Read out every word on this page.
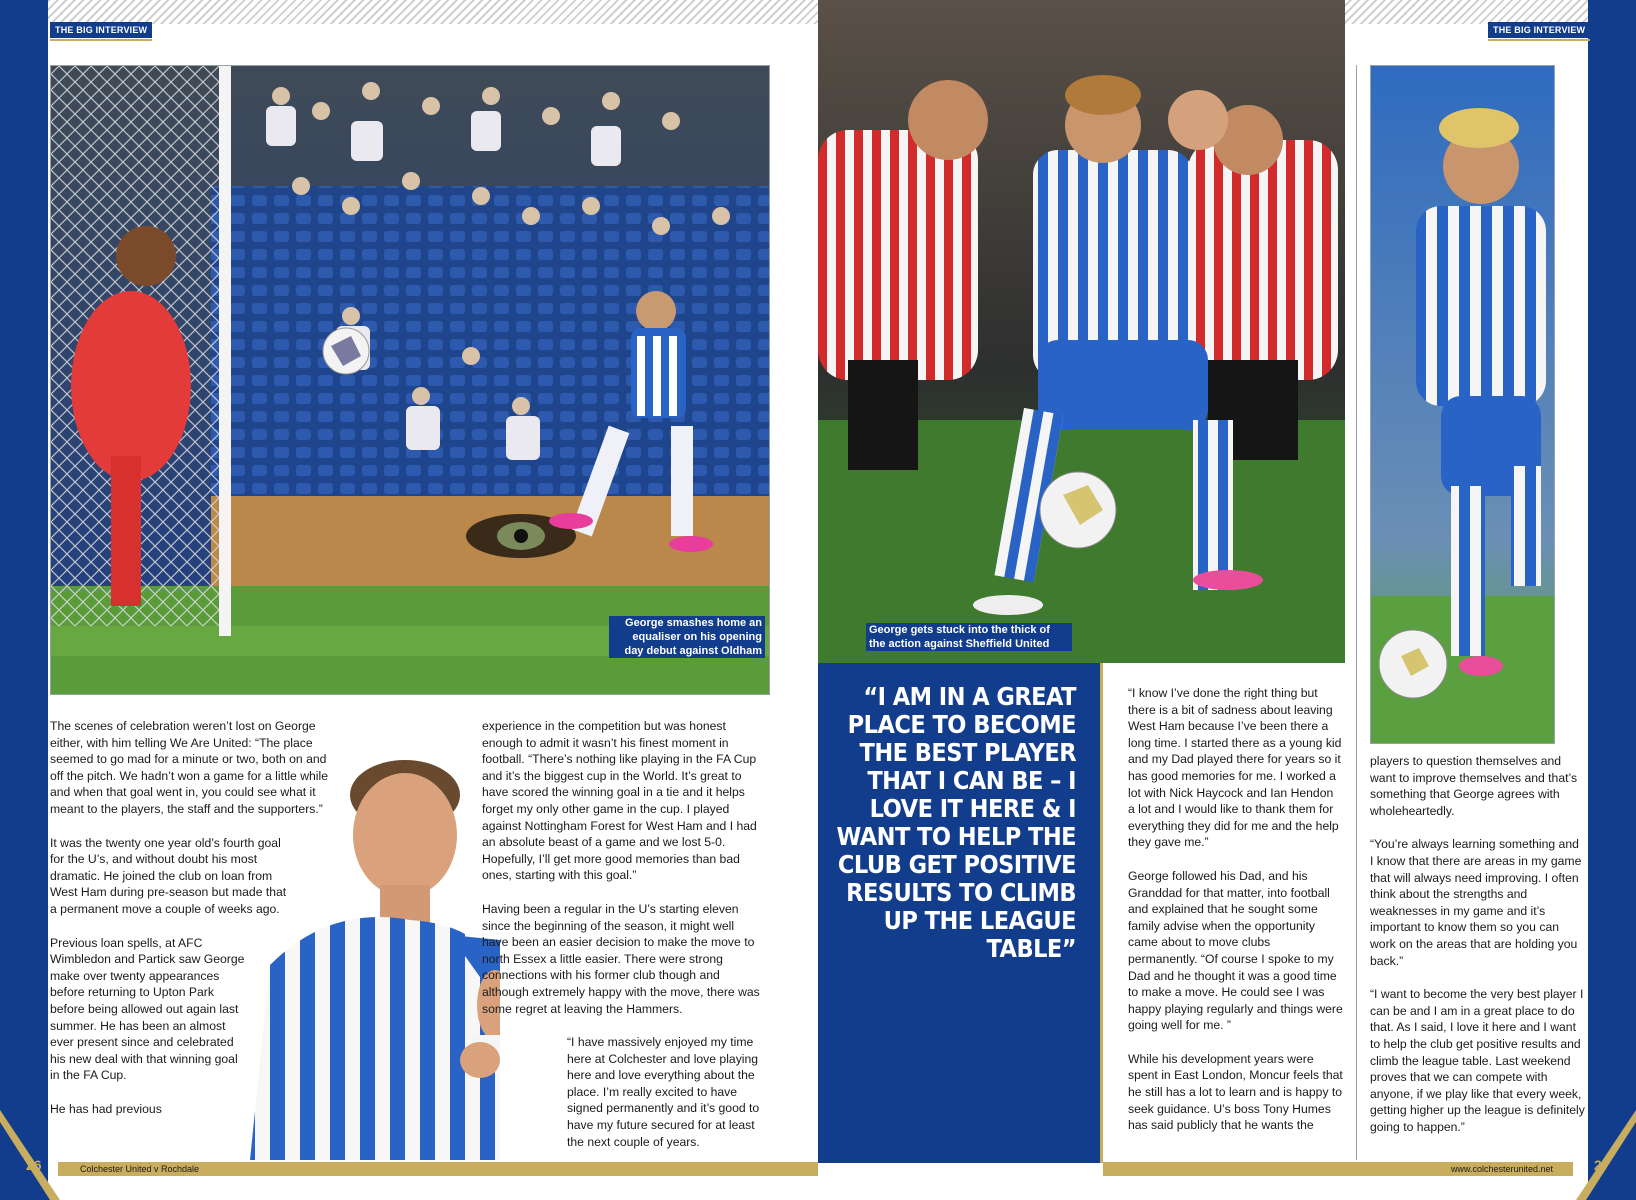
THE BIG INTERVIEW	THE BIG INTERVIEW
George smashes home an equaliser on his opening day debut against Oldham
George gets stuck into the thick of the action against Sheffield United

The scenes of celebration weren’t lost on George either, with him telling We Are United: “The place seemed to go mad for a minute or two, both on and off the pitch. We hadn’t won a game for a little while and when that goal went in, you could see what it meant to the players, the staff and the supporters.”

It was the twenty one year old’s fourth goal for the U’s, and without doubt his most dramatic. He joined the club on loan from West Ham during pre-season but made that a permanent move a couple of weeks ago.

Previous loan spells, at AFC Wimbledon and Partick saw George make over twenty appearances before returning to Upton Park before being allowed out again last summer. He has been an almost ever present since and celebrated his new deal with that winning goal in the FA Cup.

He has had previous

experience in the competition but was honest enough to admit it wasn’t his finest moment in football. “There’s nothing like playing in the FA Cup and it’s the biggest cup in the World. It’s great to have scored the winning goal in a tie and it helps forget my only other game in the cup. I played against Nottingham Forest for West Ham and I had an absolute beast of a game and we lost 5-0. Hopefully, I’ll get more good memories than bad ones, starting with this goal.”

Having been a regular in the U’s starting eleven since the beginning of the season, it might well have been an easier decision to make the move to north Essex a little easier. There were strong connections with his former club though and although extremely happy with the move, there was some regret at leaving the Hammers.

“I have massively enjoyed my time here at Colchester and love playing here and love everything about the place. I’m really excited to have signed permanently and it’s good to have my future secured for at least the next couple of years.

“I AM IN A GREAT PLACE TO BECOME THE BEST PLAYER THAT I CAN BE – I LOVE IT HERE & I WANT TO HELP THE CLUB GET POSITIVE RESULTS TO CLIMB UP THE LEAGUE TABLE”

“I know I’ve done the right thing but there is a bit of sadness about leaving West Ham because I’ve been there a long time. I started there as a young kid and my Dad played there for years so it has good memories for me. I worked a lot with Nick Haycock and Ian Hendon a lot and I would like to thank them for everything they did for me and the help they gave me.”

George followed his Dad, and his Granddad for that matter, into football and explained that he sought some family advise when the opportunity came about to move clubs permanently. “Of course I spoke to my Dad and he thought it was a good time to make a move. He could see I was happy playing regularly and things were going well for me. ”

While his development years were spent in East London, Moncur feels that he still has a lot to learn and is happy to seek guidance. U’s boss Tony Humes has said publicly that he wants the

players to question themselves and want to improve themselves and that’s something that George agrees with wholeheartedly.

“You’re always learning something and I know that there are areas in my game that will always need improving. I often think about the strengths and weaknesses in my game and it’s important to know them so you can work on the areas that are holding you back.”

“I want to become the very best player I can be and I am in a great place to do that. As I said, I love it here and I want to help the club get positive results and climb the league table. Last weekend proves that we can compete with anyone, if we play like that every week, getting higher up the league is definitely going to happen.”

Colchester United v Rochdale	www.colchesterunited.net
26	27
